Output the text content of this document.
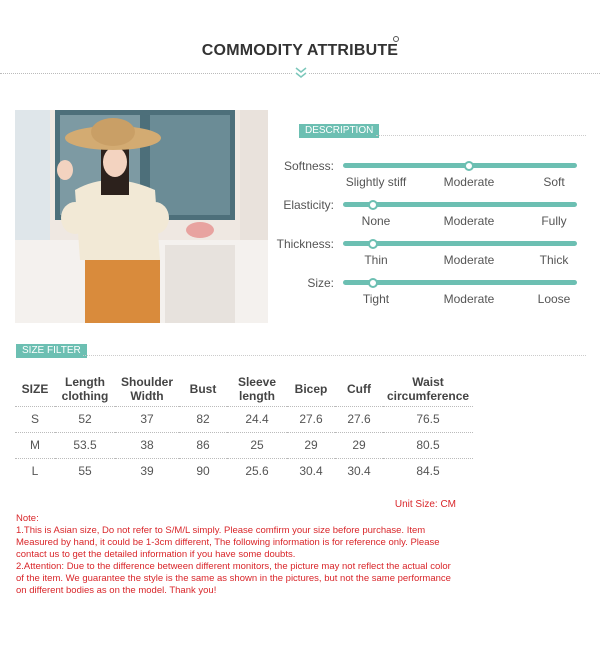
COMMODITY ATTRIBUTE
DESCRIPTION
Softness:
Slightly stiff	Moderate	Soft
Elasticity:
None	Moderate	Fully
Thickness:
Thin	Moderate	Thick
Size:
Tight	Moderate	Loose
SIZE FILTER
SIZE	Length clothing	Shoulder Width	Bust	Sleeve length	Bicep	Cuff	Waist circumference
S	52	37	82	24.4	27.6	27.6	76.5
M	53.5	38	86	25	29	29	80.5
L	55	39	90	25.6	30.4	30.4	84.5
Unit Size: CM
Note:
1.This is Asian size, Do not refer to S/M/L simply. Please comfirm your size before purchase. Item Measured by hand, it could be 1-3cm different, The following information is for reference only. Please contact us to get the detailed information if you have some doubts.
2.Attention: Due to the difference between different monitors, the picture may not reflect the actual color of the item. We guarantee the style is the same as shown in the pictures, but not the same performance on different bodies as on the model. Thank you!
